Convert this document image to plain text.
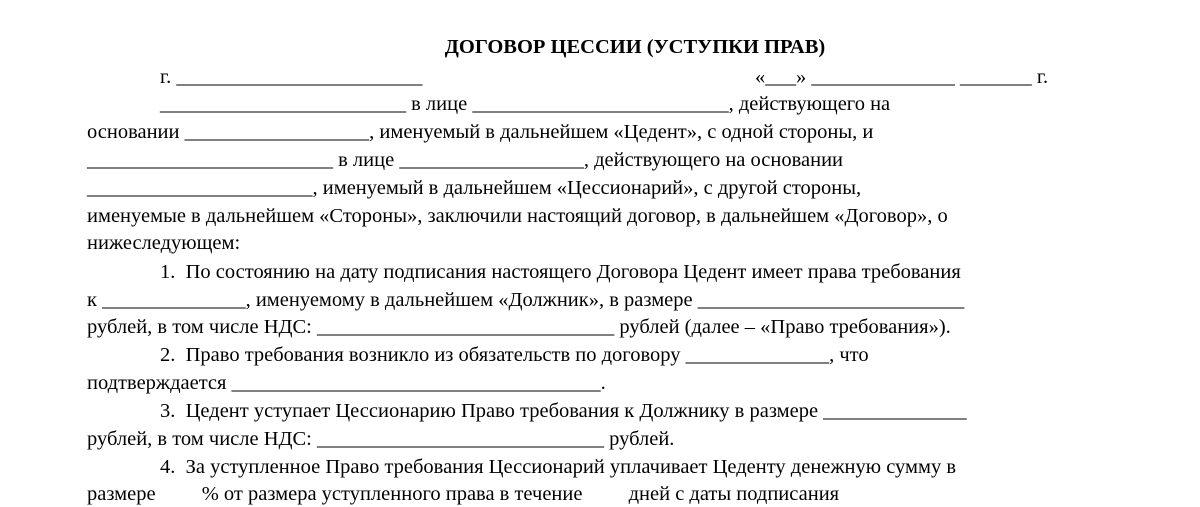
ДОГОВОР ЦЕССИИ (УСТУПКИ ПРАВ)
г. ________________________	«___» ______________ _______ г.
________________________ в лице _________________________, действующего на
основании __________________, именуемый в дальнейшем «Цедент», с одной стороны, и
________________________ в лице __________________, действующего на основании
______________________, именуемый в дальнейшем «Цессионарий», с другой стороны,
именуемые в дальнейшем «Стороны», заключили настоящий договор, в дальнейшем «Договор», о
нижеследующем:
1.  По состоянию на дату подписания настоящего Договора Цедент имеет права требования
к ______________, именуемому в дальнейшем «Должник», в размере __________________________
рублей, в том числе НДС: _____________________________ рублей (далее – «Право требования»).
2.  Право требования возникло из обязательств по договору ______________, что
подтверждается ____________________________________.
3.  Цедент уступает Цессионарию Право требования к Должнику в размере ______________
рублей, в том числе НДС: ____________________________ рублей.
4.  За уступленное Право требования Цессионарий уплачивает Цеденту денежную сумму в
размере         % от размера уступленного права в течение         дней с даты подписания
